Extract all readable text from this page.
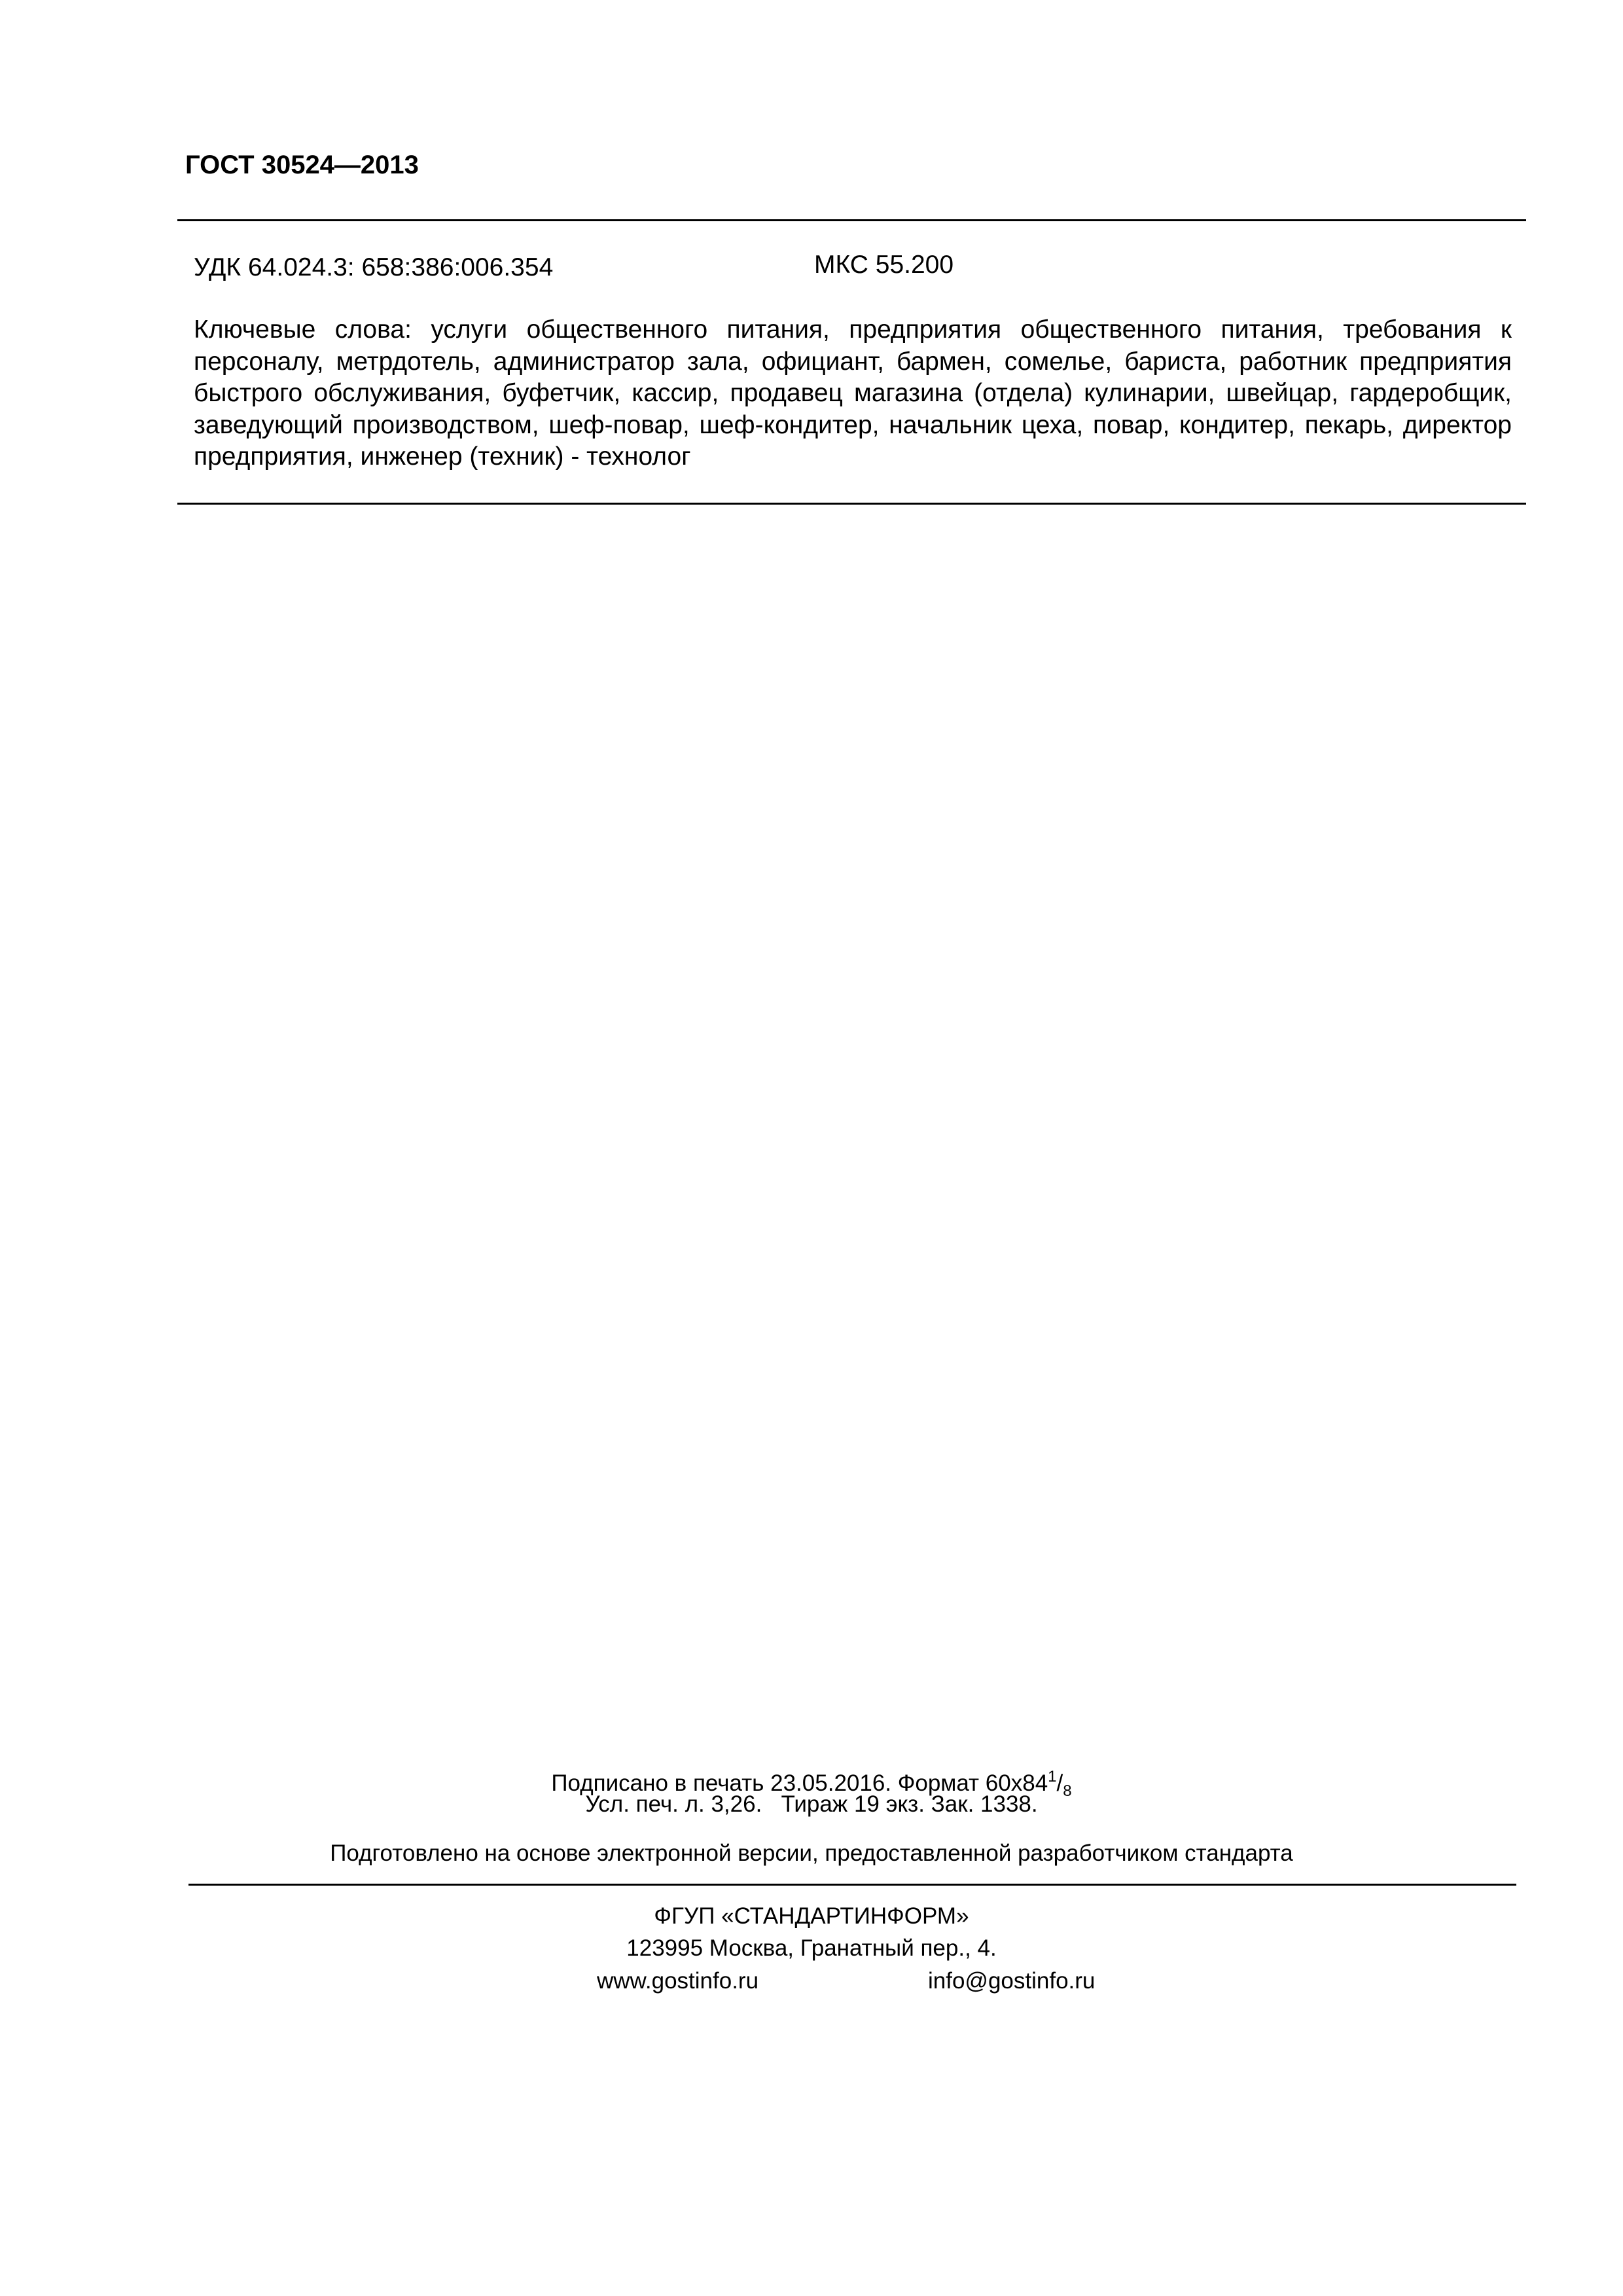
ГОСТ 30524—2013
УДК 64.024.3: 658:386:006.354	МКС 55.200

Ключевые слова: услуги общественного питания, предприятия общественного питания, требования к персоналу, метрдотель, администратор зала, официант, бармен, сомелье, бариста, работник предприятия быстрого обслуживания, буфетчик, кассир, продавец магазина (отдела) кулинарии, швейцар, гардеробщик, заведующий производством, шеф-повар, шеф-кондитер, начальник цеха, повар, кондитер, пекарь, директор предприятия, инженер (техник) - технолог

Подписано в печать 23.05.2016. Формат $60x84^1/_8$
Усл. печ. л. 3,26.   Тираж 19 экз. Зак. 1338.
Подготовлено на основе электронной версии, предоставленной разработчиком стандарта
ФГУП «СТАНДАРТИНФОРМ»
123995 Москва, Гранатный пер., 4.
www.gostinfo.ru	info@gostinfo.ru
